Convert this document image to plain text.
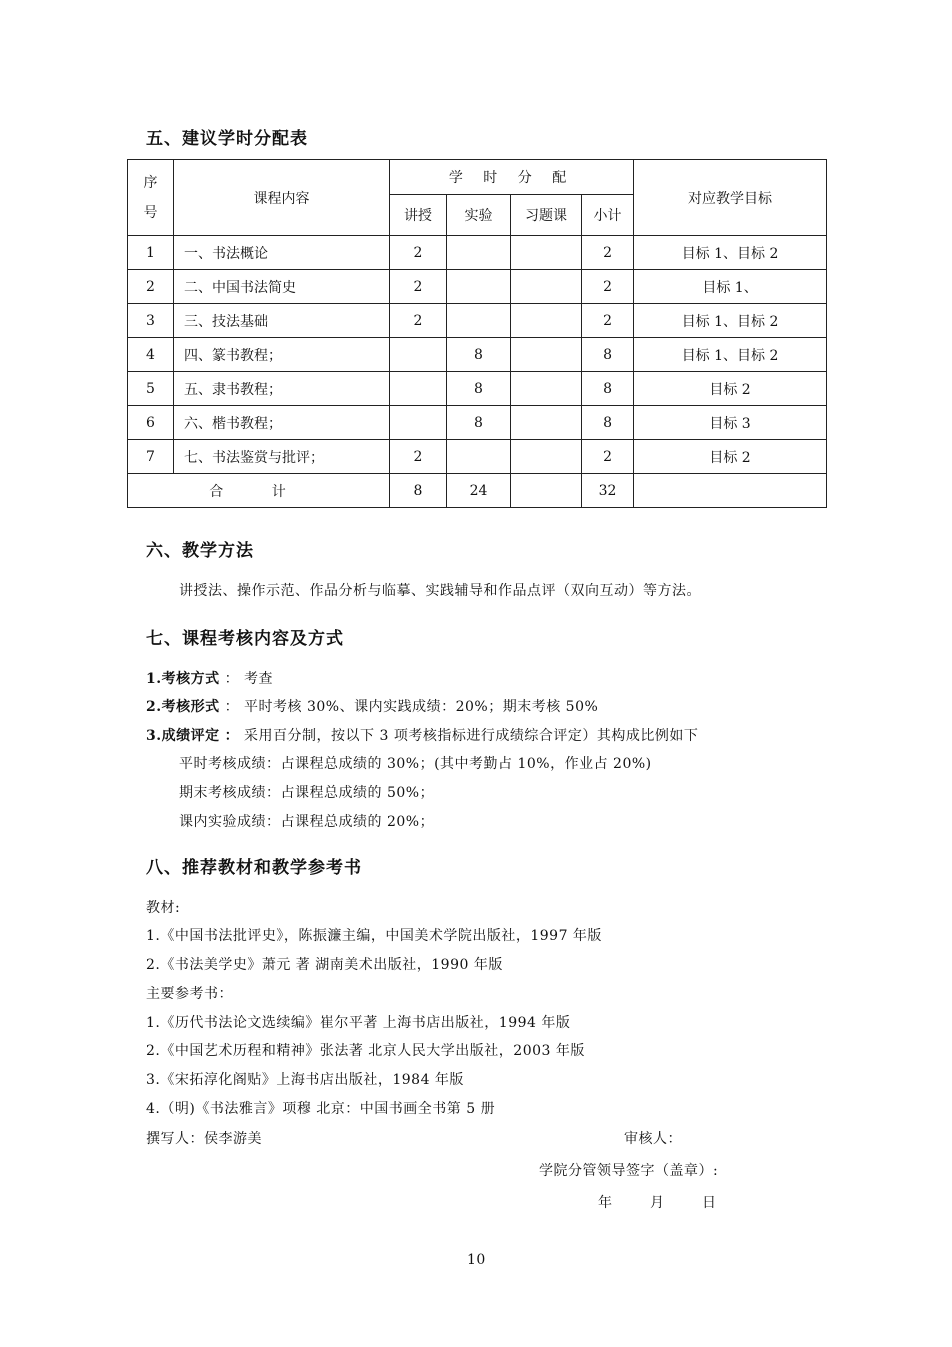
五、建议学时分配表
序
号	课程内容	学 时 分 配				对应教学目标
		讲授	实验	习题课	小计	
1	一、书法概论	2			2	目标 1、目标 2
2	二、中国书法简史	2			2	目标 1、
3	三、技法基础	2			2	目标 1、目标 2
4	四、篆书教程；		8		8	目标 1、目标 2
5	五、隶书教程；		8		8	目标 2
6	六、楷书教程；		8		8	目标 3
7	七、书法鉴赏与批评；	2			2	目标 2
合 计		8	24		32	
六、教学方法
讲授法、操作示范、作品分析与临摹、实践辅导和作品点评（双向互动）等方法。
七、课程考核内容及方式
1.考核方式 ： 考查
2.考核形式 ： 平时考核 30%、课内实践成绩：20%；期末考核 50%
3.成绩评定 ： 采用百分制，按以下 3 项考核指标进行成绩综合评定）其构成比例如下
平时考核成绩：占课程总成绩的 30%；(其中考勤占 10%，作业占 20%)
期末考核成绩：占课程总成绩的 50%；
课内实验成绩：占课程总成绩的 20%；
八、推荐教材和教学参考书
教材:
1.《中国书法批评史》，陈振濂主编，中国美术学院出版社，1997 年版
2.《书法美学史》萧元 著 湖南美术出版社，1990 年版
主要参考书：
1.《历代书法论文选续编》崔尔平著 上海书店出版社，1994 年版
2.《中国艺术历程和精神》张法著 北京人民大学出版社，2003 年版
3.《宋拓淳化阁贴》上海书店出版社，1984 年版
4.（明)《书法雅言》项穆 北京：中国书画全书第 5 册
撰写人：侯李游美	审核人：
学院分管领导签字（盖章）:
年	月	日
10
